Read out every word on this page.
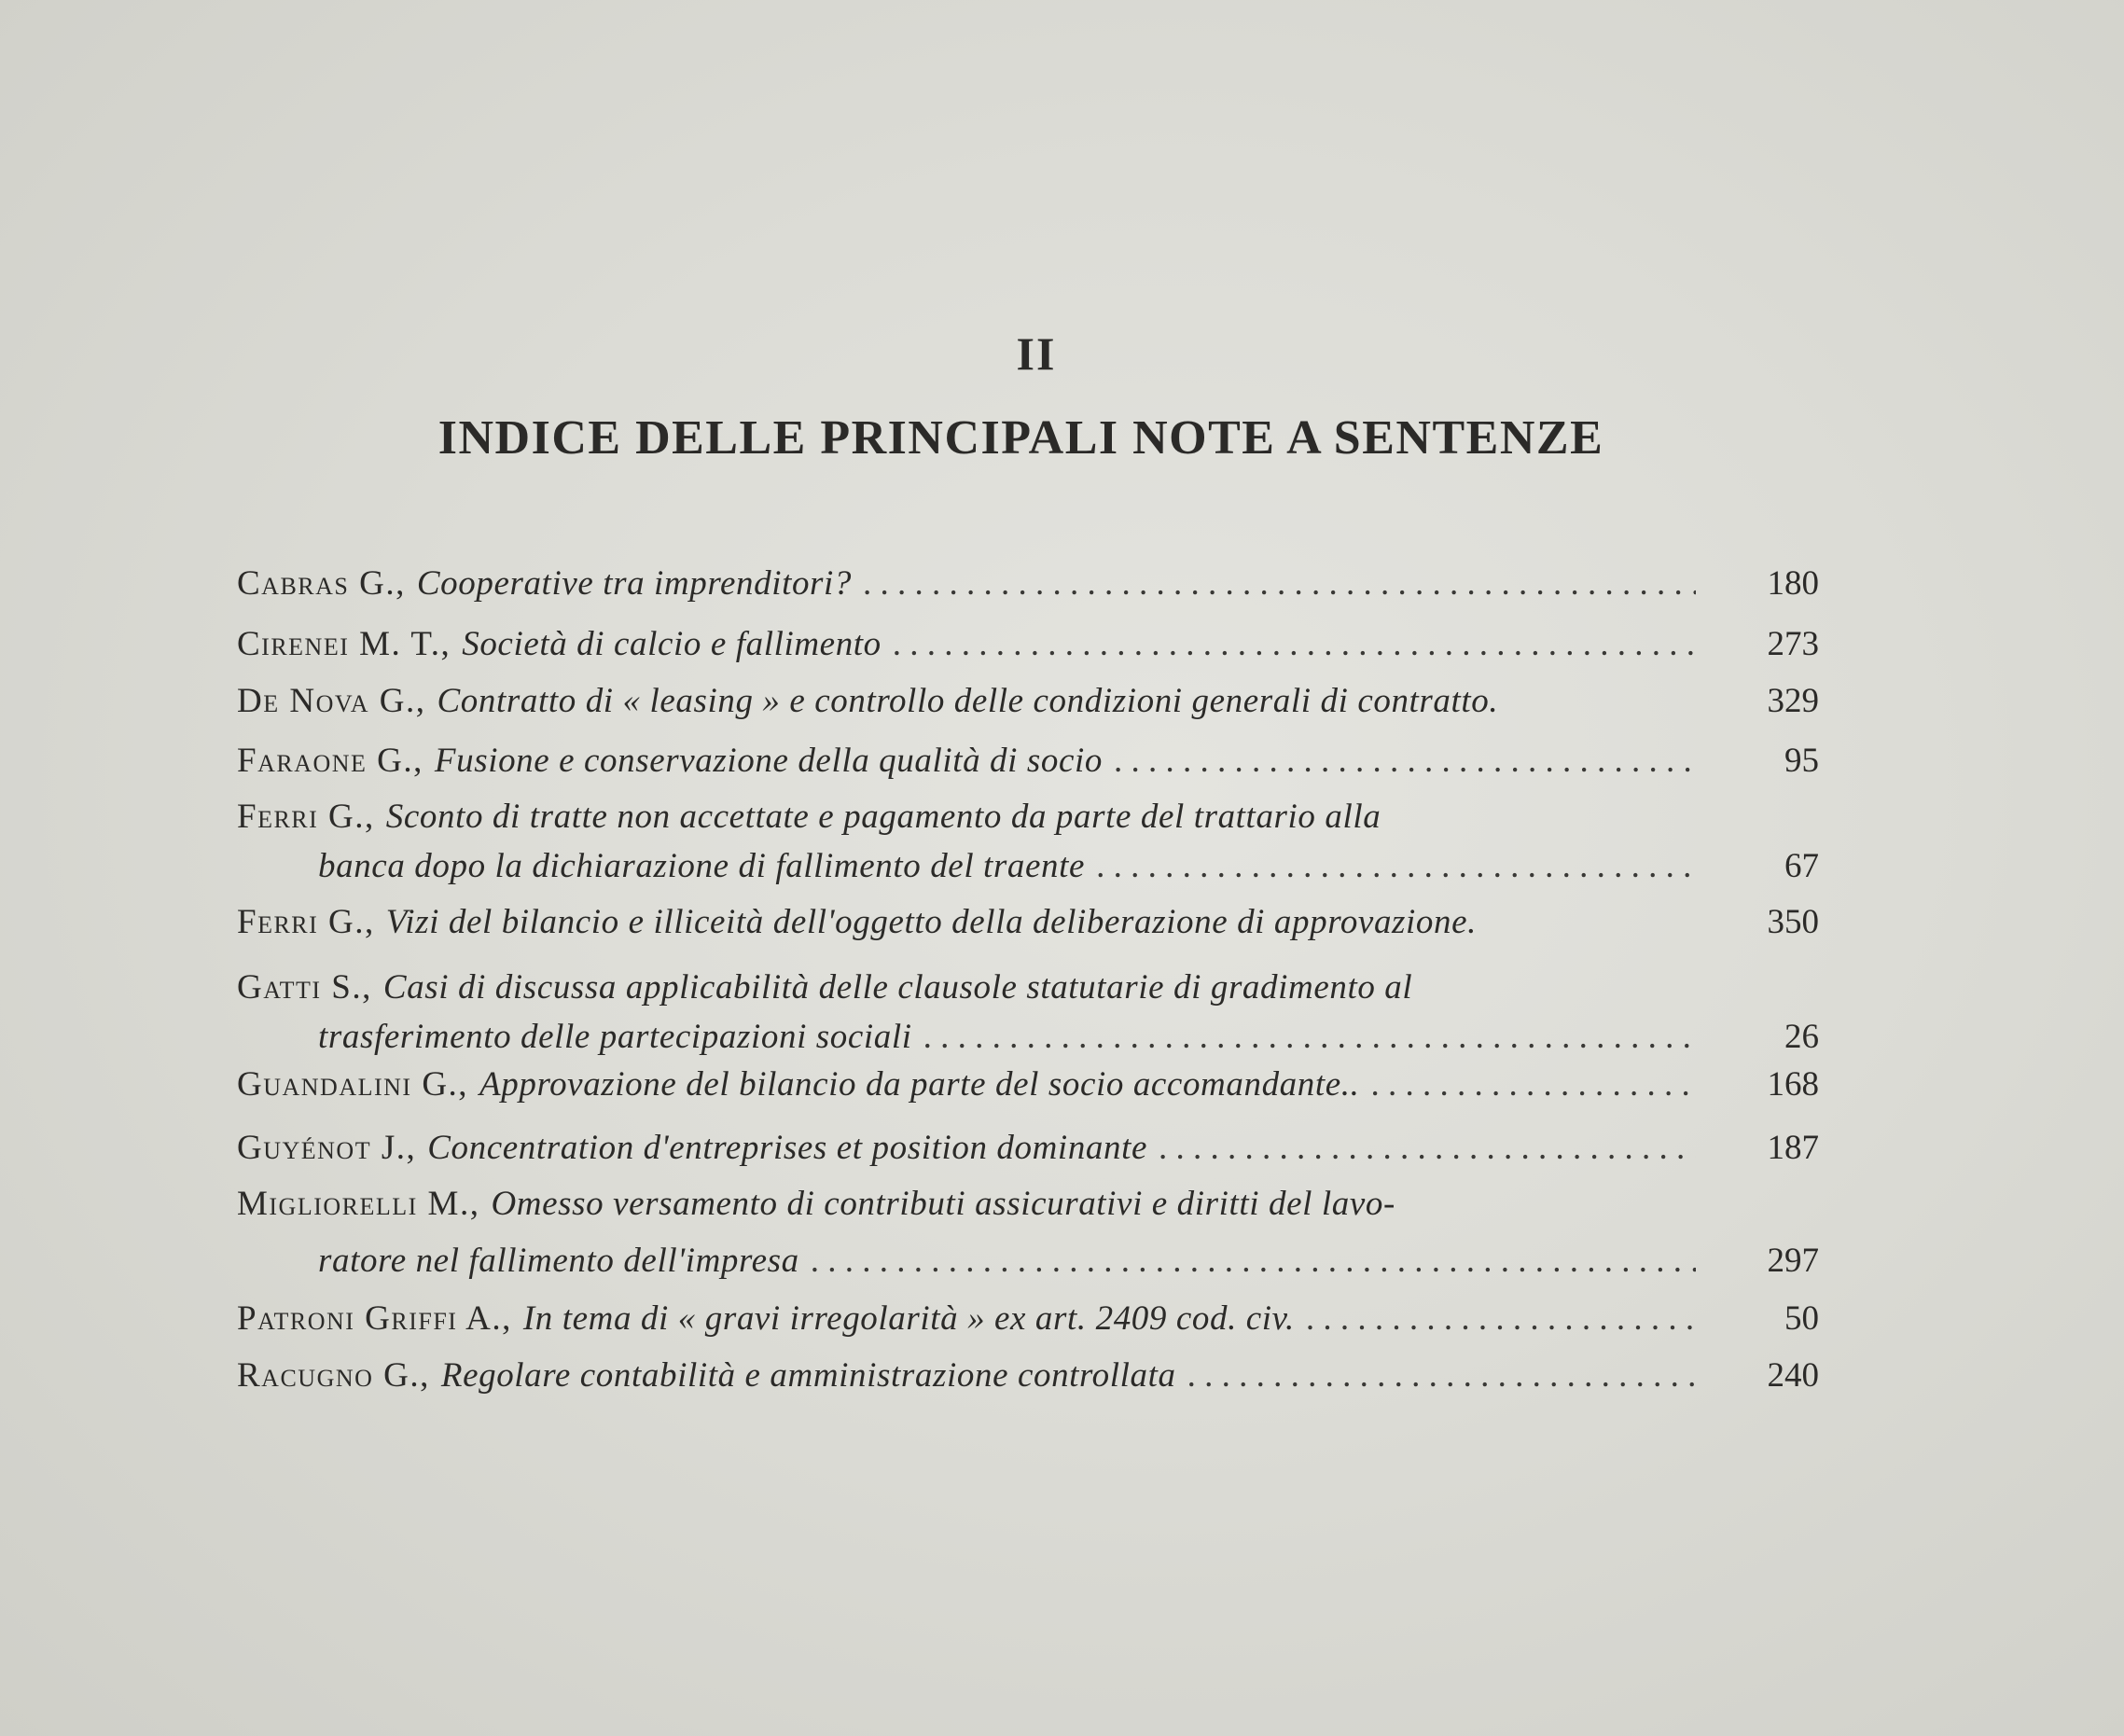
II
INDICE DELLE PRINCIPALI NOTE A SENTENZE
Cabras G., Cooperative tra imprenditori? . . .	180
Cirenei M. T., Società di calcio e fallimento . . .	273
De Nova G., Contratto di « leasing » e controllo delle condizioni generali di contratto.	329
Faraone G., Fusione e conservazione della qualità di socio . . .	95
Ferri G., Sconto di tratte non accettate e pagamento da parte del trattario alla
banca dopo la dichiarazione di fallimento del traente . . .	67
Ferri G., Vizi del bilancio e illiceità dell'oggetto della deliberazione di approvazione.	350
Gatti S., Casi di discussa applicabilità delle clausole statutarie di gradimento al
trasferimento delle partecipazioni sociali . . .	26
Guandalini G., Approvazione del bilancio da parte del socio accomandante.. . . .	168
Guyénot J., Concentration d'entreprises et position dominante . . .	187
Migliorelli M., Omesso versamento di contributi assicurativi e diritti del lavo-
ratore nel fallimento dell'impresa . . .	297
Patroni Griffi A., In tema di « gravi irregolarità » ex art. 2409 cod. civ. . . .	50
Racugno G., Regolare contabilità e amministrazione controllata . . .	240
